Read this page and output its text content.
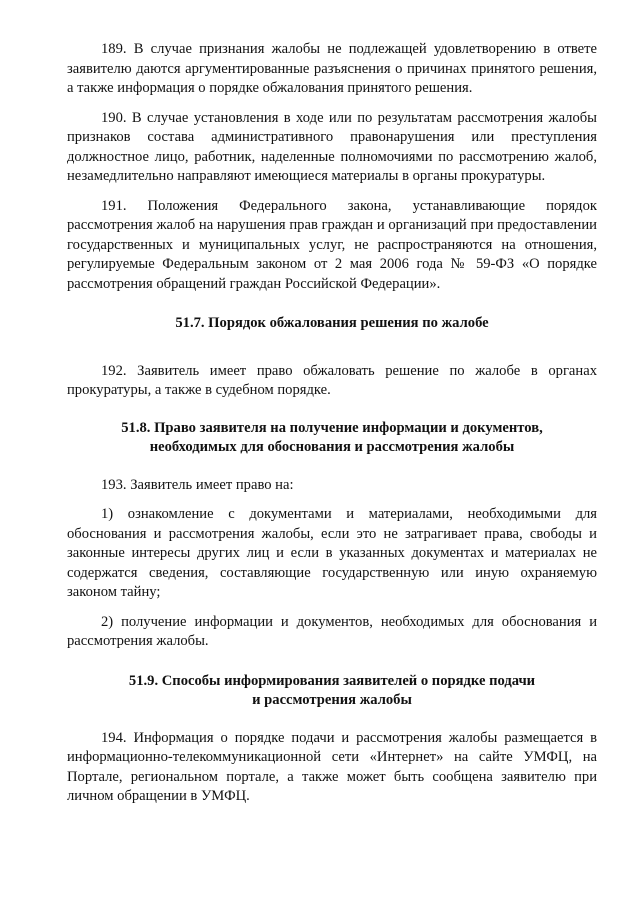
189. В случае признания жалобы не подлежащей удовлетворению в ответе заявителю даются аргументированные разъяснения о причинах принятого решения, а также информация о порядке обжалования принятого решения.

190. В случае установления в ходе или по результатам рассмотрения жалобы признаков состава административного правонарушения или преступления должностное лицо, работник, наделенные полномочиями по рассмотрению жалоб, незамедлительно направляют имеющиеся материалы в органы прокуратуры.

191. Положения Федерального закона, устанавливающие порядок рассмотрения жалоб на нарушения прав граждан и организаций при предоставлении государственных и муниципальных услуг, не распространяются на отношения, регулируемые Федеральным законом от 2 мая 2006 года № 59-ФЗ «О порядке рассмотрения обращений граждан Российской Федерации».

51.7. Порядок обжалования решения по жалобе

192. Заявитель имеет право обжаловать решение по жалобе в органах прокуратуры, а также в судебном порядке.

51.8. Право заявителя на получение информации и документов,
необходимых для обоснования и рассмотрения жалобы

193. Заявитель имеет право на:

1) ознакомление с документами и материалами, необходимыми для обоснования и рассмотрения жалобы, если это не затрагивает права, свободы и законные интересы других лиц и если в указанных документах и материалах не содержатся сведения, составляющие государственную или иную охраняемую законом тайну;

2) получение информации и документов, необходимых для обоснования и рассмотрения жалобы.

51.9. Способы информирования заявителей о порядке подачи
и рассмотрения жалобы

194. Информация о порядке подачи и рассмотрения жалобы размещается в информационно-телекоммуникационной сети «Интернет» на сайте УМФЦ, на Портале, региональном портале, а также может быть сообщена заявителю при личном обращении в УМФЦ.
